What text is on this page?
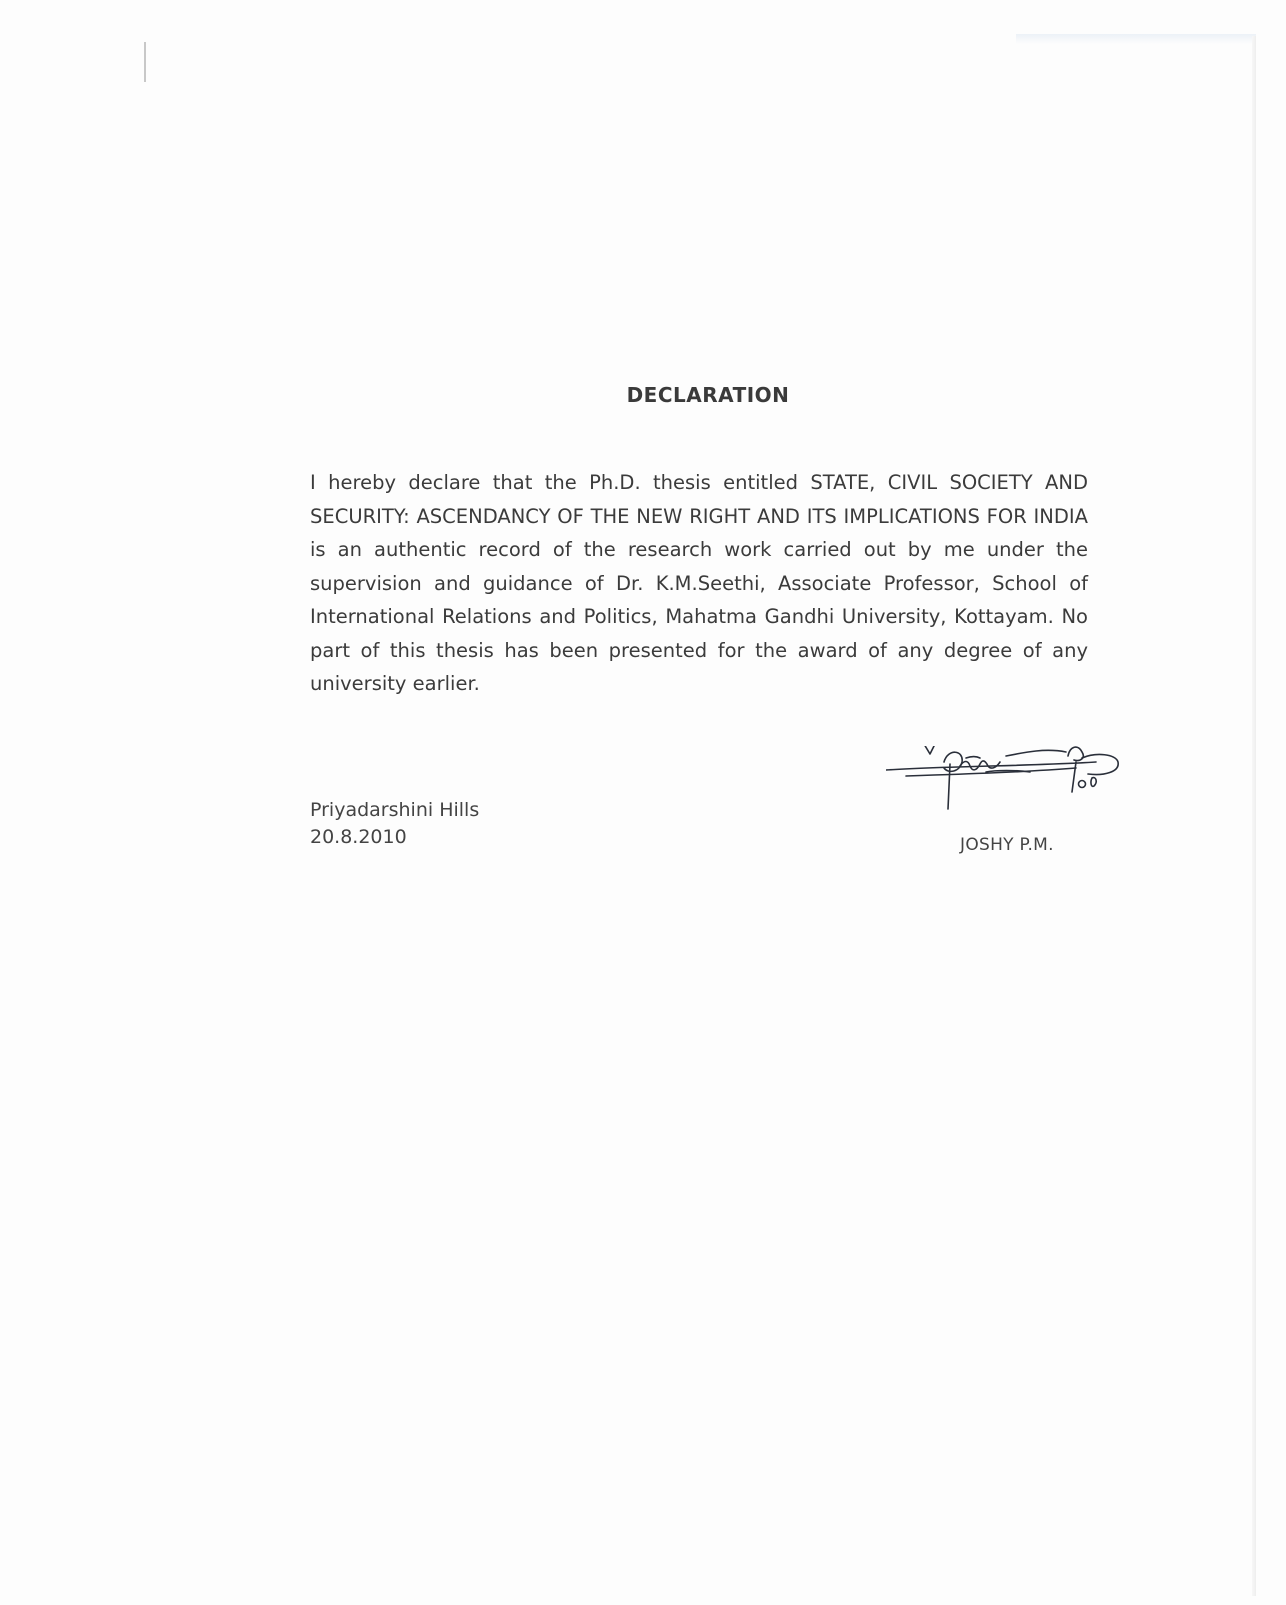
DECLARATION

I hereby declare that the Ph.D. thesis entitled STATE, CIVIL SOCIETY AND SECURITY: ASCENDANCY OF THE NEW RIGHT AND ITS IMPLICATIONS FOR INDIA is an authentic record of the research work carried out by me under the supervision and guidance of Dr. K.M.Seethi, Associate Professor, School of International Relations and Politics, Mahatma Gandhi University, Kottayam. No part of this thesis has been presented for the award of any degree of any university earlier.

Priyadarshini Hills
20.8.2010	JOSHY P.M.
